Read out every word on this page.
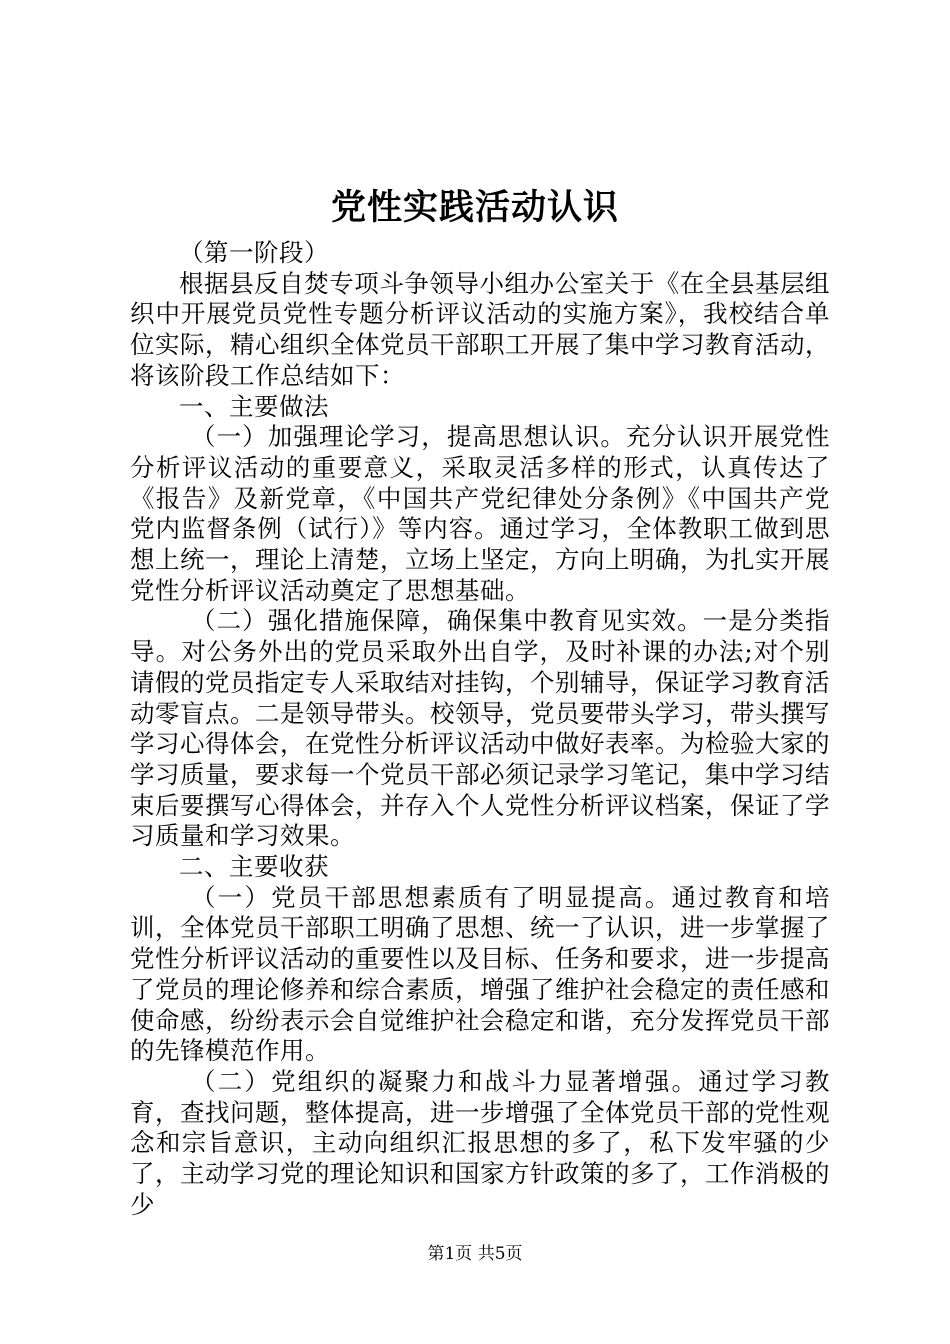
党性实践活动认识

（第一阶段）

根据县反自焚专项斗争领导小组办公室关于《在全县基层组织中开展党员党性专题分析评议活动的实施方案》，我校结合单位实际，精心组织全体党员干部职工开展了集中学习教育活动，将该阶段工作总结如下：

一、主要做法

（一）加强理论学习，提高思想认识。充分认识开展党性分析评议活动的重要意义，采取灵活多样的形式，认真传达了《报告》及新党章，《中国共产党纪律处分条例》《中国共产党党内监督条例（试行）》等内容。通过学习，全体教职工做到思想上统一，理论上清楚，立场上坚定，方向上明确，为扎实开展党性分析评议活动奠定了思想基础。

（二）强化措施保障，确保集中教育见实效。一是分类指导。对公务外出的党员采取外出自学，及时补课的办法;对个别请假的党员指定专人采取结对挂钩，个别辅导，保证学习教育活动零盲点。二是领导带头。校领导，党员要带头学习，带头撰写学习心得体会，在党性分析评议活动中做好表率。为检验大家的学习质量，要求每一个党员干部必须记录学习笔记，集中学习结束后要撰写心得体会，并存入个人党性分析评议档案，保证了学习质量和学习效果。

二、主要收获

（一）党员干部思想素质有了明显提高。通过教育和培训，全体党员干部职工明确了思想、统一了认识，进一步掌握了党性分析评议活动的重要性以及目标、任务和要求，进一步提高了党员的理论修养和综合素质，增强了维护社会稳定的责任感和使命感，纷纷表示会自觉维护社会稳定和谐，充分发挥党员干部的先锋模范作用。

（二）党组织的凝聚力和战斗力显著增强。通过学习教育，查找问题，整体提高，进一步增强了全体党员干部的党性观念和宗旨意识，主动向组织汇报思想的多了，私下发牢骚的少了，主动学习党的理论知识和国家方针政策的多了，工作消极的少

第1页 共5页
